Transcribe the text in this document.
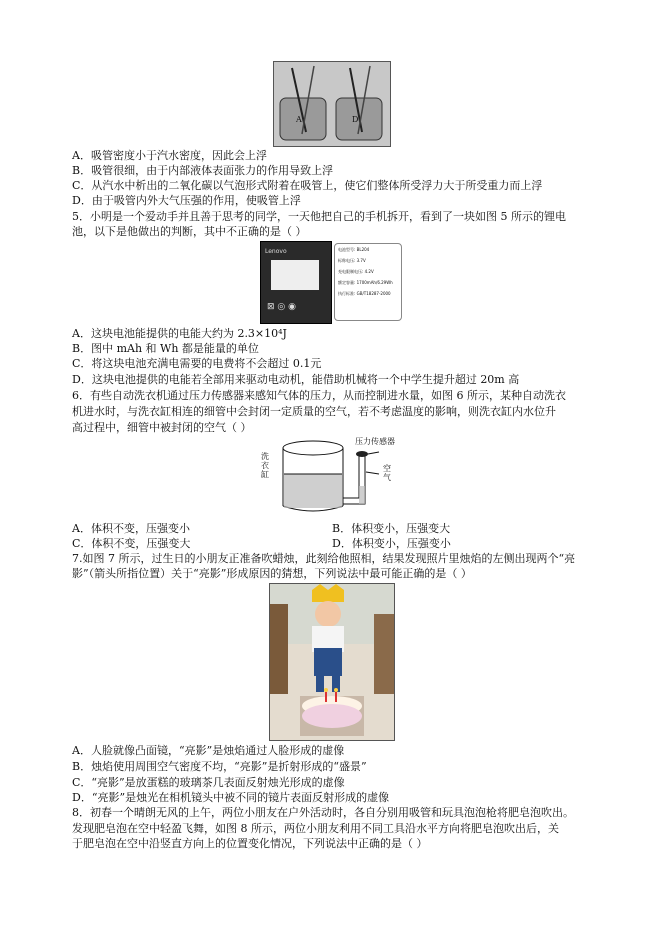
A	D
A．吸管密度小于汽水密度，因此会上浮
B．吸管很细，由于内部液体表面张力的作用导致上浮
C．从汽水中析出的二氧化碳以气泡形式附着在吸管上，使它们整体所受浮力大于所受重力而上浮
D．由于吸管内外大气压强的作用，使吸管上浮
5．小明是一个爱动手并且善于思考的同学，一天他把自己的手机拆开，看到了一块如图 5 所示的锂电
池，以下是他做出的判断，其中不正确的是（ ）
Lenovo
⊠ ◎ ◉
电池型号: BL204
标称电压: 3.7V
充电限制电压: 4.2V
额定容量: 1700mAh/6.29Wh
执行标准: GB/T18287-2000
A．这块电池能提供的电能大约为 2.3×10⁴J
B．图中 mAh 和 Wh 都是能量的单位
C．将这块电池充满电需要的电费将不会超过 0.1元
D．这块电池提供的电能若全部用来驱动电动机，能借助机械将一个中学生提升超过 20m 高
6．有些自动洗衣机通过压力传感器来感知气体的压力，从而控制进水量，如图 6 所示，某种自动洗衣
机进水时，与洗衣缸相连的细管中会封闭一定质量的空气，若不考虑温度的影响，则洗衣缸内水位升
高过程中，细管中被封闭的空气（ ）
压力传感器
洗衣缸
空气
A．体积不变，压强变小	B．体积变小，压强变大
C．体积不变，压强变大	D．体积变小，压强变小
7.如图 7 所示，过生日的小朋友正准备吹蜡烛，此刻给他照相，结果发现照片里烛焰的左侧出现两个“亮
影”（箭头所指位置）关于“亮影”形成原因的猜想，下列说法中最可能正确的是（ ）
A．人脸就像凸面镜，“亮影”是烛焰通过人脸形成的虚像
B．烛焰使用周围空气密度不均，“亮影”是折射形成的“盛景”
C．“亮影”是放蛋糕的玻璃茶几表面反射烛光形成的虚像
D．“亮影”是烛光在相机镜头中被不同的镜片表面反射形成的虚像
8．初春一个晴朗无风的上午，两位小朋友在户外活动时，各自分别用吸管和玩具泡泡枪将肥皂泡吹出。
发现肥皂泡在空中轻盈飞舞，如图 8 所示，两位小朋友利用不同工具沿水平方向将肥皂泡吹出后，关
于肥皂泡在空中沿竖直方向上的位置变化情况，下列说法中正确的是（ ）
